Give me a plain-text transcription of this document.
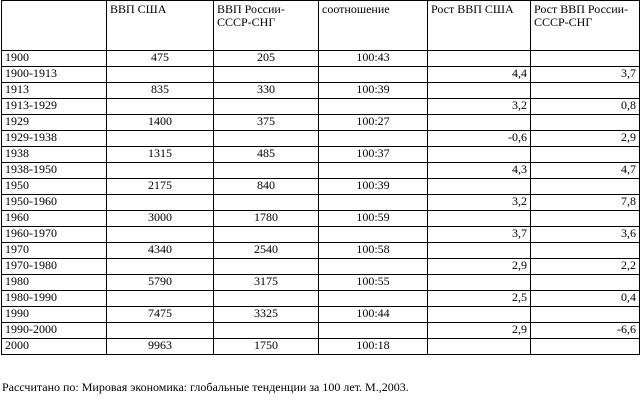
	ВВП США	ВВП России-СССР-СНГ	соотношение	Рост ВВП США	Рост ВВП России-СССР-СНГ
1900	475	205	100:43		
1900-1913				4,4	3,7
1913	835	330	100:39		
1913-1929				3,2	0,8
1929	1400	375	100:27		
1929-1938				-0,6	2,9
1938	1315	485	100:37		
1938-1950				4,3	4,7
1950	2175	840	100:39		
1950-1960				3,2	7,8
1960	3000	1780	100:59		
1960-1970				3,7	3,6
1970	4340	2540	100:58		
1970-1980				2,9	2,2
1980	5790	3175	100:55		
1980-1990				2,5	0,4
1990	7475	3325	100:44		
1990-2000				2,9	-6,6
2000	9963	1750	100:18		
Рассчитано по: Мировая экономика: глобальные тенденции за 100 лет. М.,2003.
